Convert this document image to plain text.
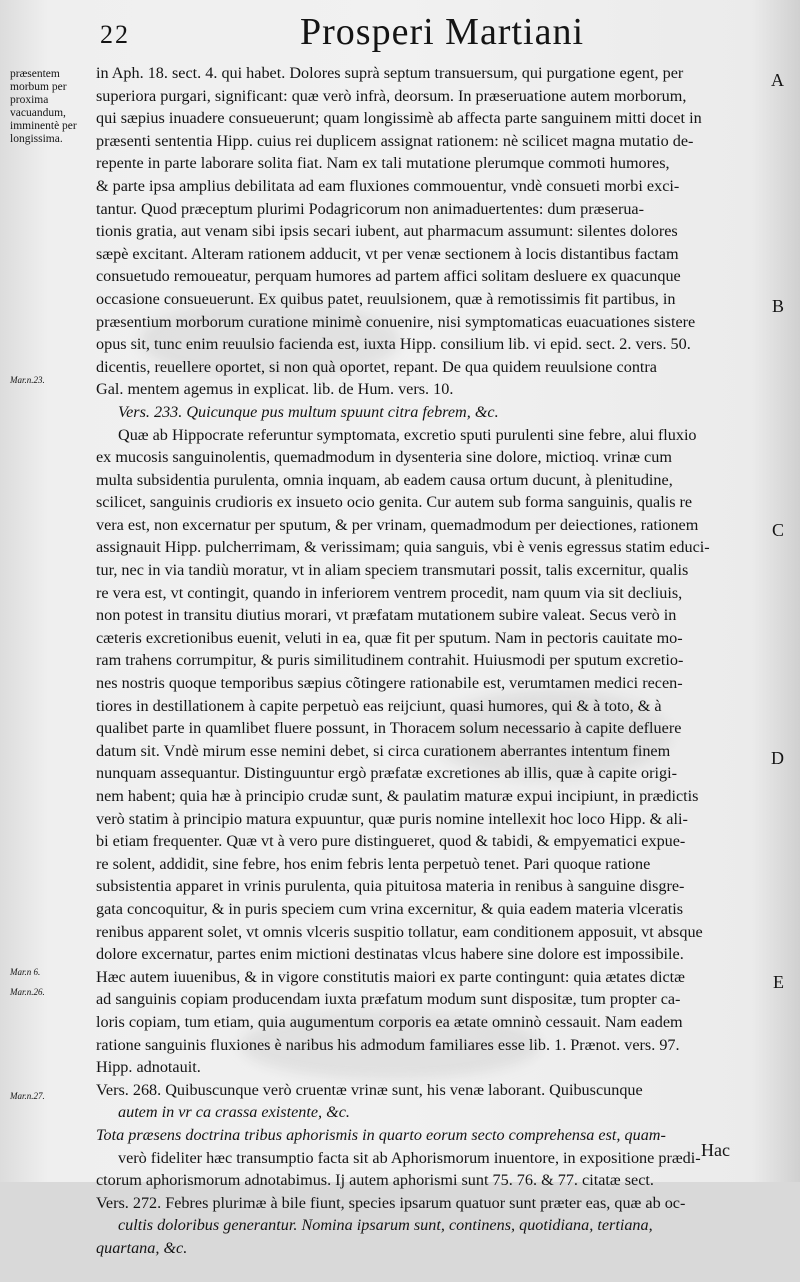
22	Prosperi Martiani
præsentem morbum per proxima vacuandum, imminentè per longissima.
Mar.n.23.
Mar.n 6.
Mar.n.26.
Mar.n.27.
in Aph. 18. sect. 4. qui habet. Dolores suprà septum transuersum, qui purgatione egent, per
superiora purgari, significant: quæ verò infrà, deorsum. In præseruatione autem morborum,
qui sæpius inuadere consueuerunt; quam longissimè ab affecta parte sanguinem mitti docet in
præsenti sententia Hipp. cuius rei duplicem assignat rationem: nè scilicet magna mutatio de-
repente in parte laborare solita fiat. Nam ex tali mutatione plerumque commoti humores,
& parte ipsa amplius debilitata ad eam fluxiones commouentur, vndè consueti morbi exci-
tantur. Quod præceptum plurimi Podagricorum non animaduertentes: dum præserua-
tionis gratia, aut venam sibi ipsis secari iubent, aut pharmacum assumunt: silentes dolores
sæpè excitant. Alteram rationem adducit, vt per venæ sectionem à locis distantibus factam
consuetudo remoueatur, perquam humores ad partem affici solitam desluere ex quacunque
occasione consueuerunt. Ex quibus patet, reuulsionem, quæ à remotissimis fit partibus, in
præsentium morborum curatione minimè conuenire, nisi symptomaticas euacuationes sistere
opus sit, tunc enim reuulsio facienda est, iuxta Hipp. consilium lib. vi epid. sect. 2. vers. 50.
dicentis, reuellere oportet, si non quà oportet, repant. De qua quidem reuulsione contra
Gal. mentem agemus in explicat. lib. de Hum. vers. 10.
Vers. 233. Quicunque pus multum spuunt citra febrem, &c.
Quæ ab Hippocrate referuntur symptomata, excretio sputi purulenti sine febre, alui fluxio
ex mucosis sanguinolentis, quemadmodum in dysenteria sine dolore, mictioq. vrinæ cum
multa subsidentia purulenta, omnia inquam, ab eadem causa ortum ducunt, à plenitudine,
scilicet, sanguinis crudioris ex insueto ocio genita. Cur autem sub forma sanguinis, qualis re
vera est, non excernatur per sputum, & per vrinam, quemadmodum per deiectiones, rationem
assignauit Hipp. pulcherrimam, & verissimam; quia sanguis, vbi è venis egressus statim educi-
tur, nec in via tandiù moratur, vt in aliam speciem transmutari possit, talis excernitur, qualis
re vera est, vt contingit, quando in inferiorem ventrem procedit, nam quum via sit decliuis,
non potest in transitu diutius morari, vt præfatam mutationem subire valeat. Secus verò in
cæteris excretionibus euenit, veluti in ea, quæ fit per sputum. Nam in pectoris cauitate mo-
ram trahens corrumpitur, & puris similitudinem contrahit. Huiusmodi per sputum excretio-
nes nostris quoque temporibus sæpius cõtingere rationabile est, verumtamen medici recen-
tiores in destillationem à capite perpetuò eas reijciunt, quasi humores, qui & à toto, & à
qualibet parte in quamlibet fluere possunt, in Thoracem solum necessario à capite defluere
datum sit. Vndè mirum esse nemini debet, si circa curationem aberrantes intentum finem
nunquam assequantur. Distinguuntur ergò præfatæ excretiones ab illis, quæ à capite origi-
nem habent; quia hæ à principio crudæ sunt, & paulatim maturæ expui incipiunt, in prædictis
verò statim à principio matura expuuntur, quæ puris nomine intellexit hoc loco Hipp. & ali-
bi etiam frequenter. Quæ vt à vero pure distingueret, quod & tabidi, & empyematici expue-
re solent, addidit, sine febre, hos enim febris lenta perpetuò tenet. Pari quoque ratione
subsistentia apparet in vrinis purulenta, quia pituitosa materia in renibus à sanguine disgre-
gata concoquitur, & in puris speciem cum vrina excernitur, & quia eadem materia vlceratis
renibus apparent solet, vt omnis vlceris suspitio tollatur, eam conditionem apposuit, vt absque
dolore excernatur, partes enim mictioni destinatas vlcus habere sine dolore est impossibile.
Hæc autem iuuenibus, & in vigore constitutis maiori ex parte contingunt: quia ætates dictæ
ad sanguinis copiam producendam iuxta præfatum modum sunt dispositæ, tum propter ca-
loris copiam, tum etiam, quia augumentum corporis ea ætate omninò cessauit. Nam eadem
ratione sanguinis fluxiones è naribus his admodum familiares esse lib. 1. Prænot. vers. 97.
Hipp. adnotauit.
Vers. 268. Quibuscunque verò cruentæ vrinæ sunt, his venæ laborant. Quibuscunque
autem in vr ca crassa existente, &c.
Tota præsens doctrina tribus aphorismis in quarto eorum secto comprehensa est, quam-
verò fideliter hæc transumptio facta sit ab Aphorismorum inuentore, in expositione prædi-
ctorum aphorismorum adnotabimus. Ij autem aphorismi sunt 75. 76. & 77. citatæ sect.
Vers. 272. Febres plurimæ à bile fiunt, species ipsarum quatuor sunt præter eas, quæ ab oc-
cultis doloribus generantur. Nomina ipsarum sunt, continens, quotidiana, tertiana,
quartana, &c.
A
B
C
D
E
Hac
